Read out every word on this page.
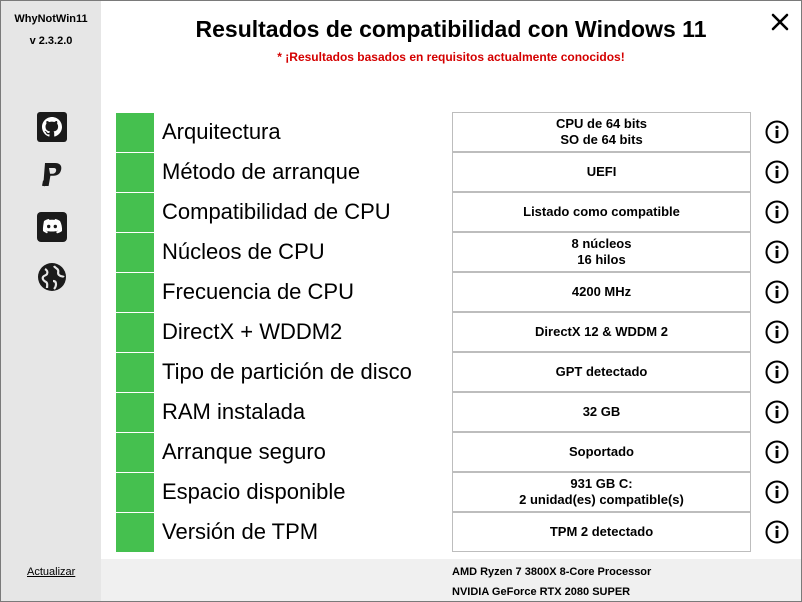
WhyNotWin11
v 2.3.2.0
Actualizar
Resultados de compatibilidad con Windows 11
* ¡Resultados basados en requisitos actualmente conocidos!
Arquitectura	CPU de 64 bits
SO de 64 bits
Método de arranque	UEFI
Compatibilidad de CPU	Listado como compatible
Núcleos de CPU	8 núcleos
16 hilos
Frecuencia de CPU	4200 MHz
DirectX + WDDM2	DirectX 12 & WDDM 2
Tipo de partición de disco	GPT detectado
RAM instalada	32 GB
Arranque seguro	Soportado
Espacio disponible	931 GB C:
2 unidad(es) compatible(s)
Versión de TPM	TPM 2 detectado
AMD Ryzen 7 3800X 8-Core Processor
NVIDIA GeForce RTX 2080 SUPER
